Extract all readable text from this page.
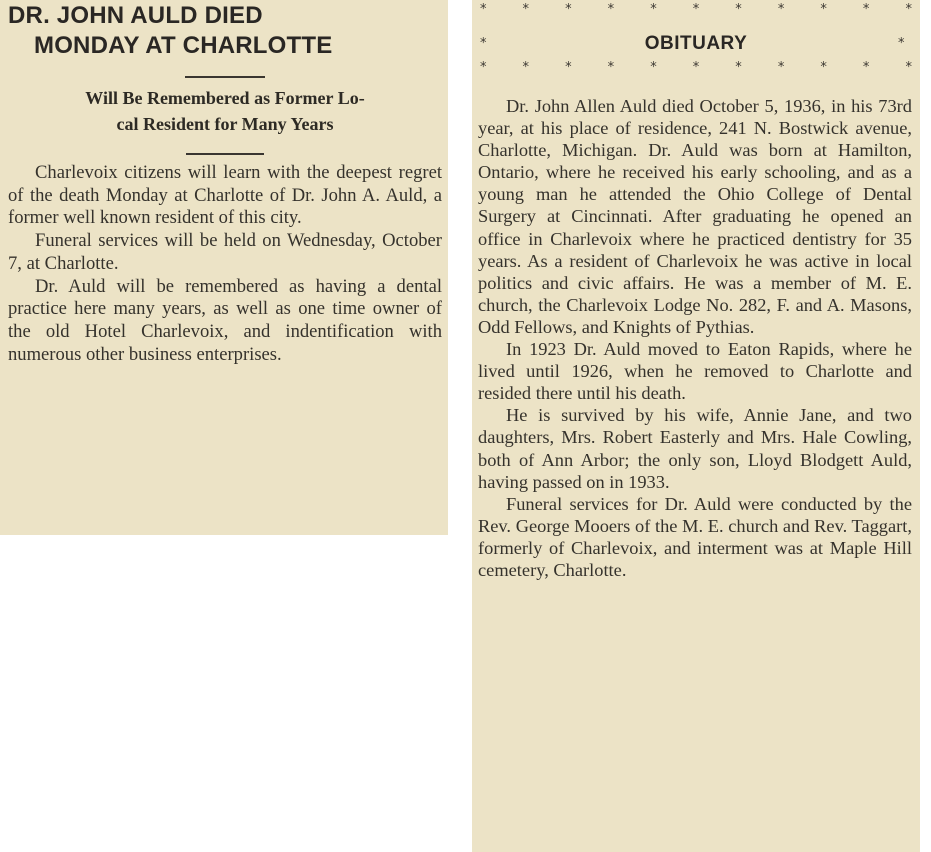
DR. JOHN AULD DIED
MONDAY AT CHARLOTTE
Will Be Remembered as Former Lo-
cal Resident for Many Years

Charlevoix citizens will learn with the deepest regret of the death Monday at Charlotte of Dr. John A. Auld, a former well known resident of this city.

Funeral services will be held on Wednesday, October 7, at Charlotte.

Dr. Auld will be remembered as having a dental practice here many years, as well as one time owner of the old Hotel Charlevoix, and indentification with numerous other business enterprises.

*	*	*	*	*	*	*	*	*	*	*
*	OBITUARY	*
*	*	*	*	*	*	*	*	*	*	*

Dr. John Allen Auld died October 5, 1936, in his 73rd year, at his place of residence, 241 N. Bostwick avenue, Charlotte, Michigan. Dr. Auld was born at Hamilton, Ontario, where he received his early schooling, and as a young man he attended the Ohio College of Dental Surgery at Cincinnati. After graduating he opened an office in Charlevoix where he practiced dentistry for 35 years. As a resident of Charlevoix he was active in local politics and civic affairs. He was a member of M. E. church, the Charlevoix Lodge No. 282, F. and A. Masons, Odd Fellows, and Knights of Pythias.

In 1923 Dr. Auld moved to Eaton Rapids, where he lived until 1926, when he removed to Charlotte and resided there until his death.

He is survived by his wife, Annie Jane, and two daughters, Mrs. Robert Easterly and Mrs. Hale Cowling, both of Ann Arbor; the only son, Lloyd Blodgett Auld, having passed on in 1933.

Funeral services for Dr. Auld were conducted by the Rev. George Mooers of the M. E. church and Rev. Taggart, formerly of Charlevoix, and interment was at Maple Hill cemetery, Charlotte.
